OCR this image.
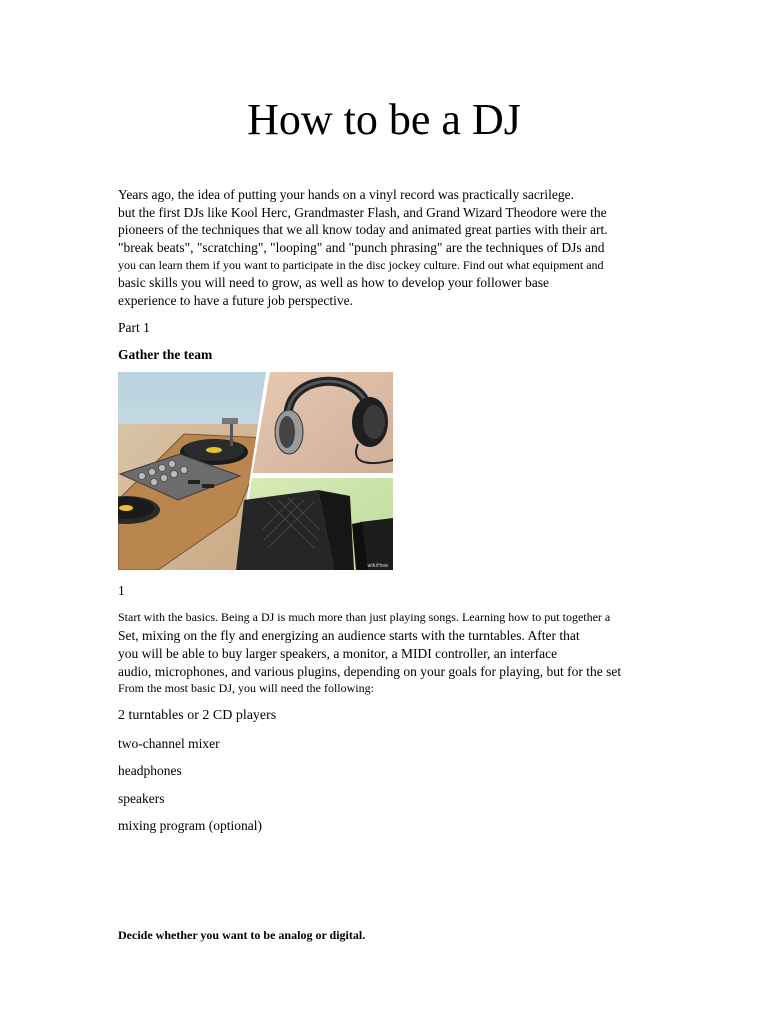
How to be a DJ
Years ago, the idea of putting your hands on a vinyl record was practically sacrilege.
but the first DJs like Kool Herc, Grandmaster Flash, and Grand Wizard Theodore were the
pioneers of the techniques that we all know today and animated great parties with their art.
"break beats", "scratching", "looping" and "punch phrasing" are the techniques of DJs and
you can learn them if you want to participate in the disc jockey culture. Find out what equipment and
basic skills you will need to grow, as well as how to develop your follower base
experience to have a future job perspective.
Part 1
Gather the team
wikiHow
1
Start with the basics. Being a DJ is much more than just playing songs. Learning how to put together a
Set, mixing on the fly and energizing an audience starts with the turntables. After that
you will be able to buy larger speakers, a monitor, a MIDI controller, an interface
audio, microphones, and various plugins, depending on your goals for playing, but for the set
From the most basic DJ, you will need the following:
2 turntables or 2 CD players
two-channel mixer
headphones
speakers
mixing program (optional)
Decide whether you want to be analog or digital.
